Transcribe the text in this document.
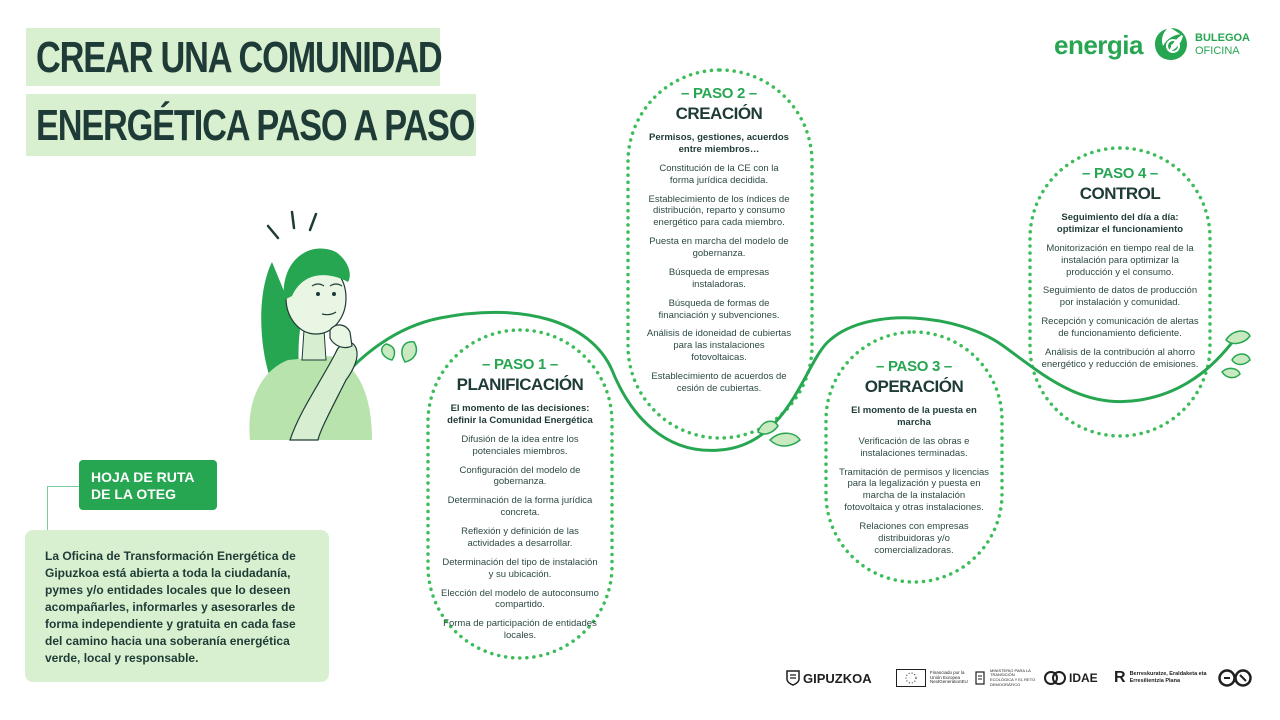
CREAR UNA COMUNIDAD
ENERGÉTICA PASO A PASO
energia	BULEGOA
OFICINA
– PASO 1 –
PLANIFICACIÓN
El momento de las decisiones: definir la Comunidad Energética
Difusión de la idea entre los potenciales miembros.
Configuración del modelo de gobernanza.
Determinación de la forma jurídica concreta.
Reflexión y definición de las actividades a desarrollar.
Determinación del tipo de instalación y su ubicación.
Elección del modelo de autoconsumo compartido.
Forma de participación de entidades locales.
– PASO 2 –
CREACIÓN
Permisos, gestiones, acuerdos entre miembros…
Constitución de la CE con la forma jurídica decidida.
Establecimiento de los índices de distribución, reparto y consumo energético para cada miembro.
Puesta en marcha del modelo de gobernanza.
Búsqueda de empresas instaladoras.
Búsqueda de formas de financiación y subvenciones.
Análisis de idoneidad de cubiertas para las instalaciones fotovoltaicas.
Establecimiento de acuerdos de cesión de cubiertas.
– PASO 3 –
OPERACIÓN
El momento de la puesta en marcha
Verificación de las obras e instalaciones terminadas.
Tramitación de permisos y licencias para la legalización y puesta en marcha de la instalación fotovoltaica y otras instalaciones.
Relaciones con empresas distribuidoras y/o comercializadoras.
– PASO 4 –
CONTROL
Seguimiento del día a día: optimizar el funcionamiento
Monitorización en tiempo real de la instalación para optimizar la producción y el consumo.
Seguimiento de datos de producción por instalación y comunidad.
Recepción y comunicación de alertas de funcionamiento deficiente.
Análisis de la contribución al ahorro energético y reducción de emisiones.
HOJA DE RUTA DE LA OTEG
La Oficina de Transformación Energética de Gipuzkoa está abierta a toda la ciudadanía, pymes y/o entidades locales que lo deseen acompañarles, informarles y asesorarles de forma independiente y gratuita en cada fase del camino hacia una soberanía energética verde, local y responsable.
GIPUZKOA	Financiado por la Unión Europea NextGenerationEU
MINISTERIO PARA LA TRANSICIÓN ECOLÓGICA Y EL RETO DEMOGRÁFICO	IDAE R Berreskuratze, Eraldaketa eta Erresilientzia Plana
